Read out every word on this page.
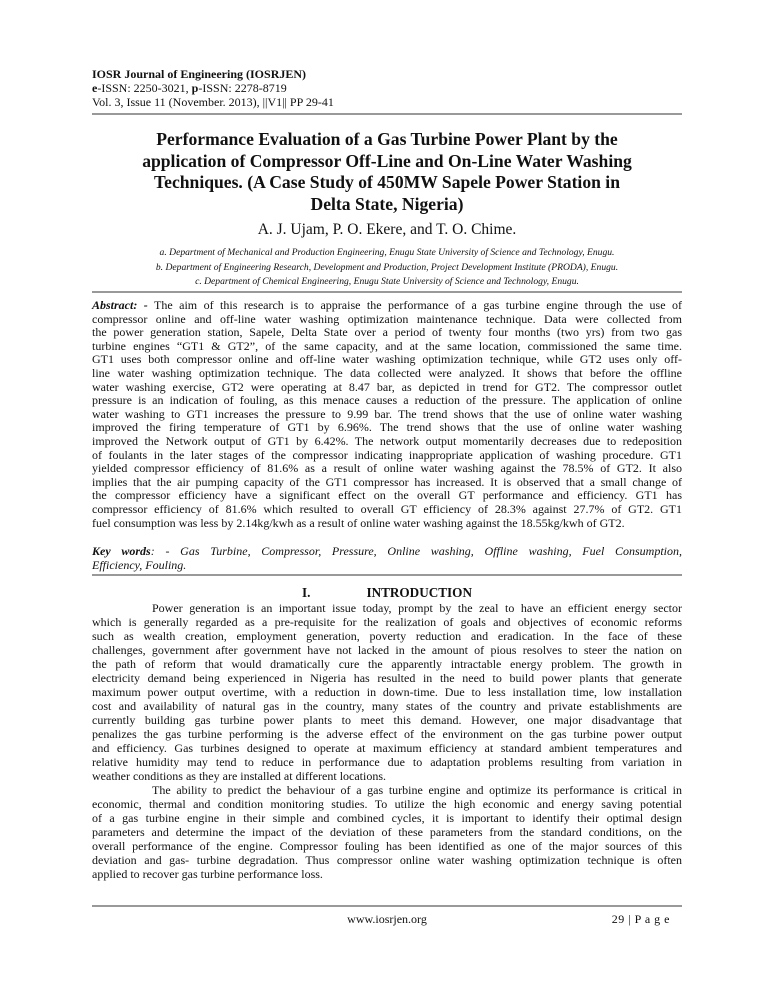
IOSR Journal of Engineering (IOSRJEN)
e-ISSN: 2250-3021, p-ISSN: 2278-8719
Vol. 3, Issue 11 (November. 2013), ||V1|| PP 29-41
Performance Evaluation of a Gas Turbine Power Plant by the
application of Compressor Off-Line and On-Line Water Washing
Techniques. (A Case Study of 450MW Sapele Power Station in
Delta State, Nigeria)
A. J. Ujam, P. O. Ekere, and T. O. Chime.
a. Department of Mechanical and Production Engineering, Enugu State University of Science and Technology, Enugu.
b. Department of Engineering Research, Development and Production, Project Development Institute (PRODA), Enugu.
c. Department of Chemical Engineering, Enugu State University of Science and Technology, Enugu.
Abstract: - The aim of this research is to appraise the performance of a gas turbine engine through the use of
compressor online and off-line water washing optimization maintenance technique. Data were collected from
the power generation station, Sapele, Delta State over a period of twenty four months (two yrs) from two gas
turbine engines “GT1 & GT2”, of the same capacity, and at the same location, commissioned the same time.
GT1 uses both compressor online and off-line water washing optimization technique, while GT2 uses only off-
line water washing optimization technique. The data collected were analyzed. It shows that before the offline
water washing exercise, GT2 were operating at 8.47 bar, as depicted in trend for GT2. The compressor outlet
pressure is an indication of fouling, as this menace causes a reduction of the pressure. The application of online
water washing to GT1 increases the pressure to 9.99 bar. The trend shows that the use of online water washing
improved the firing temperature of GT1 by 6.96%. The trend shows that the use of online water washing
improved the Network output of GT1 by 6.42%. The network output momentarily decreases due to redeposition
of foulants in the later stages of the compressor indicating inappropriate application of washing procedure. GT1
yielded compressor efficiency of 81.6% as a result of online water washing against the 78.5% of GT2. It also
implies that the air pumping capacity of the GT1 compressor has increased. It is observed that a small change of
the compressor efficiency have a significant effect on the overall GT performance and efficiency. GT1 has
compressor efficiency of 81.6% which resulted to overall GT efficiency of 28.3% against 27.7% of GT2. GT1
fuel consumption was less by 2.14kg/kwh as a result of online water washing against the 18.55kg/kwh of GT2.
Key words: - Gas Turbine, Compressor, Pressure, Online washing, Offline washing, Fuel Consumption,
Efficiency, Fouling.
I.	INTRODUCTION
Power generation is an important issue today, prompt by the zeal to have an efficient energy sector
which is generally regarded as a pre-requisite for the realization of goals and objectives of economic reforms
such as wealth creation, employment generation, poverty reduction and eradication. In the face of these
challenges, government after government have not lacked in the amount of pious resolves to steer the nation on
the path of reform that would dramatically cure the apparently intractable energy problem. The growth in
electricity demand being experienced in Nigeria has resulted in the need to build power plants that generate
maximum power output overtime, with a reduction in down-time. Due to less installation time, low installation
cost and availability of natural gas in the country, many states of the country and private establishments are
currently building gas turbine power plants to meet this demand. However, one major disadvantage that
penalizes the gas turbine performing is the adverse effect of the environment on the gas turbine power output
and efficiency. Gas turbines designed to operate at maximum efficiency at standard ambient temperatures and
relative humidity may tend to reduce in performance due to adaptation problems resulting from variation in
weather conditions as they are installed at different locations.
The ability to predict the behaviour of a gas turbine engine and optimize its performance is critical in
economic, thermal and condition monitoring studies. To utilize the high economic and energy saving potential
of a gas turbine engine in their simple and combined cycles, it is important to identify their optimal design
parameters and determine the impact of the deviation of these parameters from the standard conditions, on the
overall performance of the engine. Compressor fouling has been identified as one of the major sources of this
deviation and gas- turbine degradation. Thus compressor online water washing optimization technique is often
applied to recover gas turbine performance loss.
www.iosrjen.org	29 | P a g e
